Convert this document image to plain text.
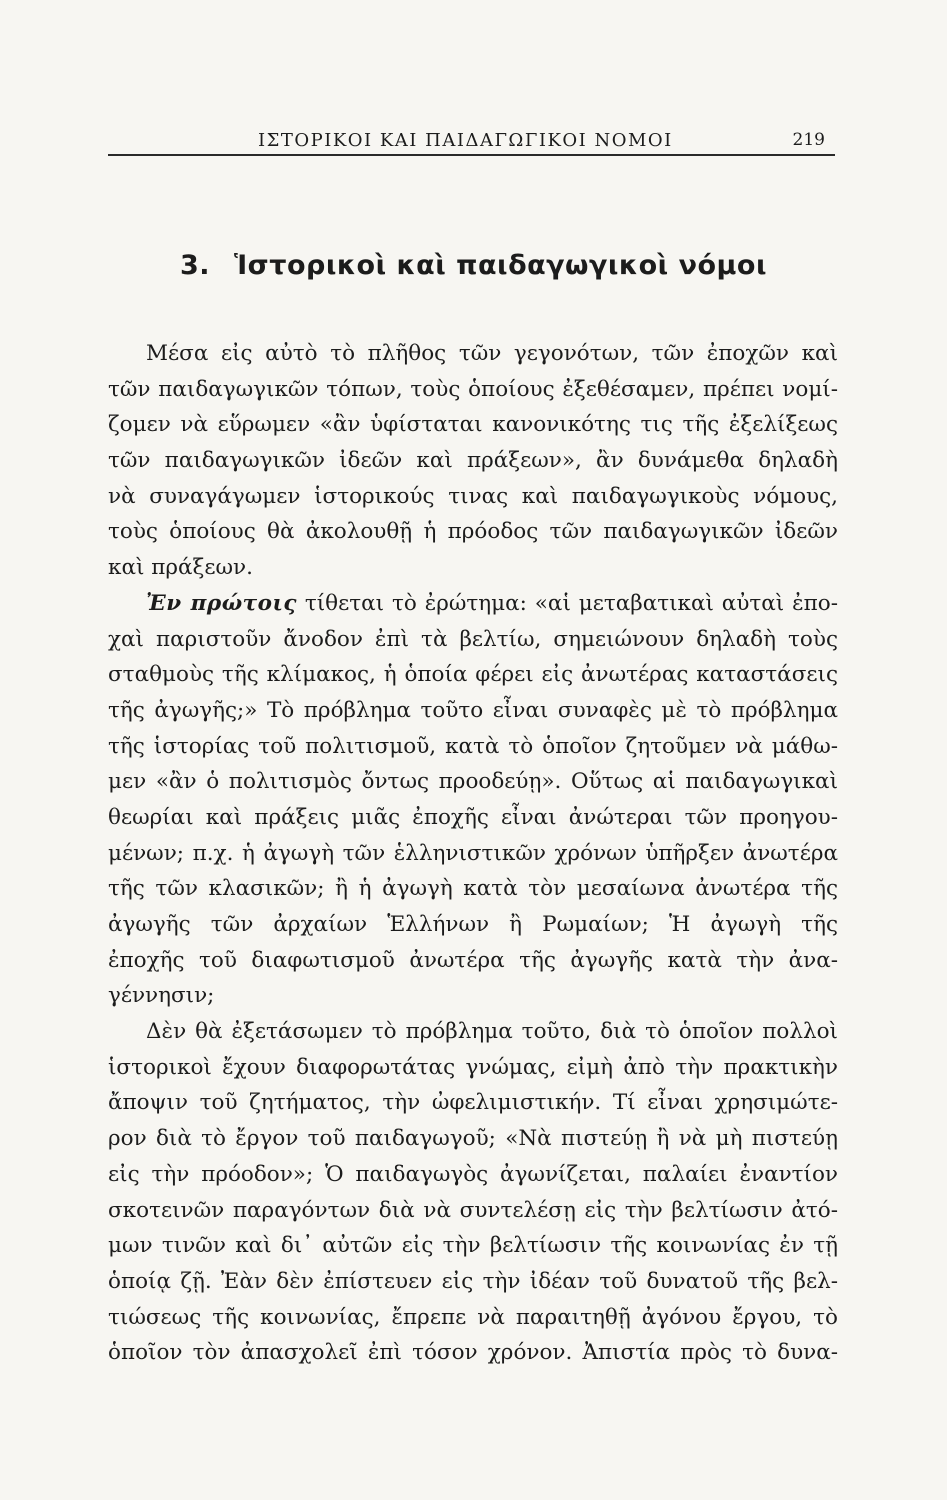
ΙΣΤΟΡΙΚΟΙ ΚΑΙ ΠΑΙΔΑΓΩΓΙΚΟΙ ΝΟΜΟΙ	219
3. Ἱστορικοὶ καὶ παιδαγωγικοὶ νόμοι
Μέσα εἰς αὐτὸ τὸ πλῆθος τῶν γεγονότων, τῶν ἐποχῶν καὶ
τῶν παιδαγωγικῶν τόπων, τοὺς ὁποίους ἐξεθέσαμεν, πρέπει νομί-
ζομεν νὰ εὕρωμεν «ἂν ὑφίσταται κανονικότης τις τῆς ἐξελίξεως
τῶν παιδαγωγικῶν ἰδεῶν καὶ πράξεων», ἂν δυνάμεθα δηλαδὴ
νὰ συναγάγωμεν ἱστορικούς τινας καὶ παιδαγωγικοὺς νόμους,
τοὺς ὁποίους θὰ ἀκολουθῇ ἡ πρόοδος τῶν παιδαγωγικῶν ἰδεῶν
καὶ πράξεων.
Ἐν πρώτοις τίθεται τὸ ἐρώτημα: «αἱ μεταβατικαὶ αὐταὶ ἐπο-
χαὶ παριστοῦν ἄνοδον ἐπὶ τὰ βελτίω, σημειώνουν δηλαδὴ τοὺς
σταθμοὺς τῆς κλίμακος, ἡ ὁποία φέρει εἰς ἀνωτέρας καταστάσεις
τῆς ἀγωγῆς;» Τὸ πρόβλημα τοῦτο εἶναι συναφὲς μὲ τὸ πρόβλημα
τῆς ἱστορίας τοῦ πολιτισμοῦ, κατὰ τὸ ὁποῖον ζητοῦμεν νὰ μάθω-
μεν «ἂν ὁ πολιτισμὸς ὄντως προοδεύῃ». Οὕτως αἱ παιδαγωγικαὶ
θεωρίαι καὶ πράξεις μιᾶς ἐποχῆς εἶναι ἀνώτεραι τῶν προηγου-
μένων; π.χ. ἡ ἀγωγὴ τῶν ἑλληνιστικῶν χρόνων ὑπῆρξεν ἀνωτέρα
τῆς τῶν κλασικῶν; ἢ ἡ ἀγωγὴ κατὰ τὸν μεσαίωνα ἀνωτέρα τῆς
ἀγωγῆς τῶν ἀρχαίων Ἑλλήνων ἢ Ρωμαίων; Ἡ ἀγωγὴ τῆς
ἐποχῆς τοῦ διαφωτισμοῦ ἀνωτέρα τῆς ἀγωγῆς κατὰ τὴν ἀνα-
γέννησιν;
Δὲν θὰ ἐξετάσωμεν τὸ πρόβλημα τοῦτο, διὰ τὸ ὁποῖον πολλοὶ
ἱστορικοὶ ἔχουν διαφορωτάτας γνώμας, εἰμὴ ἀπὸ τὴν πρακτικὴν
ἄποψιν τοῦ ζητήματος, τὴν ὠφελιμιστικήν. Τί εἶναι χρησιμώτε-
ρον διὰ τὸ ἔργον τοῦ παιδαγωγοῦ; «Νὰ πιστεύῃ ἢ νὰ μὴ πιστεύῃ
εἰς τὴν πρόοδον»; Ὁ παιδαγωγὸς ἀγωνίζεται, παλαίει ἐναντίον
σκοτεινῶν παραγόντων διὰ νὰ συντελέσῃ εἰς τὴν βελτίωσιν ἀτό-
μων τινῶν καὶ δι᾽ αὐτῶν εἰς τὴν βελτίωσιν τῆς κοινωνίας ἐν τῇ
ὁποίᾳ ζῇ. Ἐὰν δὲν ἐπίστευεν εἰς τὴν ἰδέαν τοῦ δυνατοῦ τῆς βελ-
τιώσεως τῆς κοινωνίας, ἔπρεπε νὰ παραιτηθῇ ἀγόνου ἔργου, τὸ
ὁποῖον τὸν ἀπασχολεῖ ἐπὶ τόσον χρόνον. Ἀπιστία πρὸς τὸ δυνα-
